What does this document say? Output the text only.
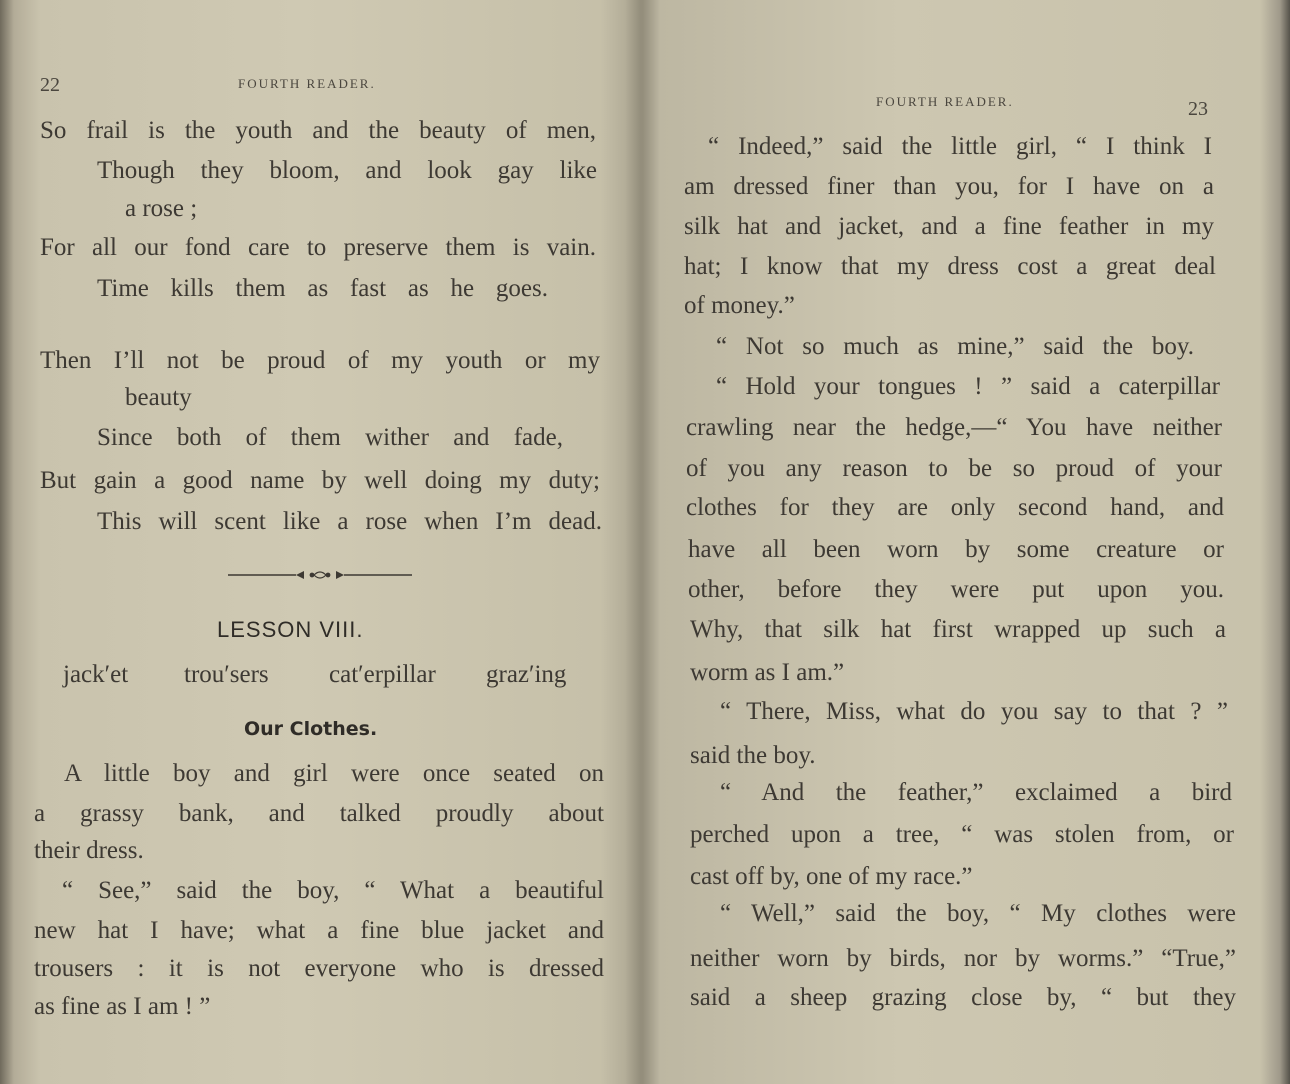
22	FOURTH READER.
So frail is the youth and the beauty of men,
Though they bloom, and look gay like
a rose ;
For all our fond care to preserve them is vain.
Time kills them as fast as he goes.
Then I’ll not be proud of my youth or my
beauty
Since both of them wither and fade,
But gain a good name by well doing my duty;
This will scent like a rose when I’m dead.
LESSON VIII.
jack′et trou′sers cat′erpillar graz′ing
Our Clothes.
A little boy and girl were once seated on
a grassy bank, and talked proudly about
their dress.
“ See,” said the boy, “ What a beautiful
new hat I have; what a fine blue jacket and
trousers : it is not everyone who is dressed
as fine as I am ! ”
FOURTH READER.	23
“ Indeed,” said the little girl, “ I think I
am dressed finer than you, for I have on a
silk hat and jacket, and a fine feather in my
hat; I know that my dress cost a great deal
of money.”
“ Not so much as mine,” said the boy.
“ Hold your tongues ! ” said a caterpillar
crawling near the hedge,—“ You have neither
of you any reason to be so proud of your
clothes for they are only second hand, and
have all been worn by some creature or
other, before they were put upon you.
Why, that silk hat first wrapped up such a
worm as I am.”
“ There, Miss, what do you say to that ? ”
said the boy.
“ And the feather,” exclaimed a bird
perched upon a tree, “ was stolen from, or
cast off by, one of my race.”
“ Well,” said the boy, “ My clothes were
neither worn by birds, nor by worms.” “True,”
said a sheep grazing close by, “ but they
